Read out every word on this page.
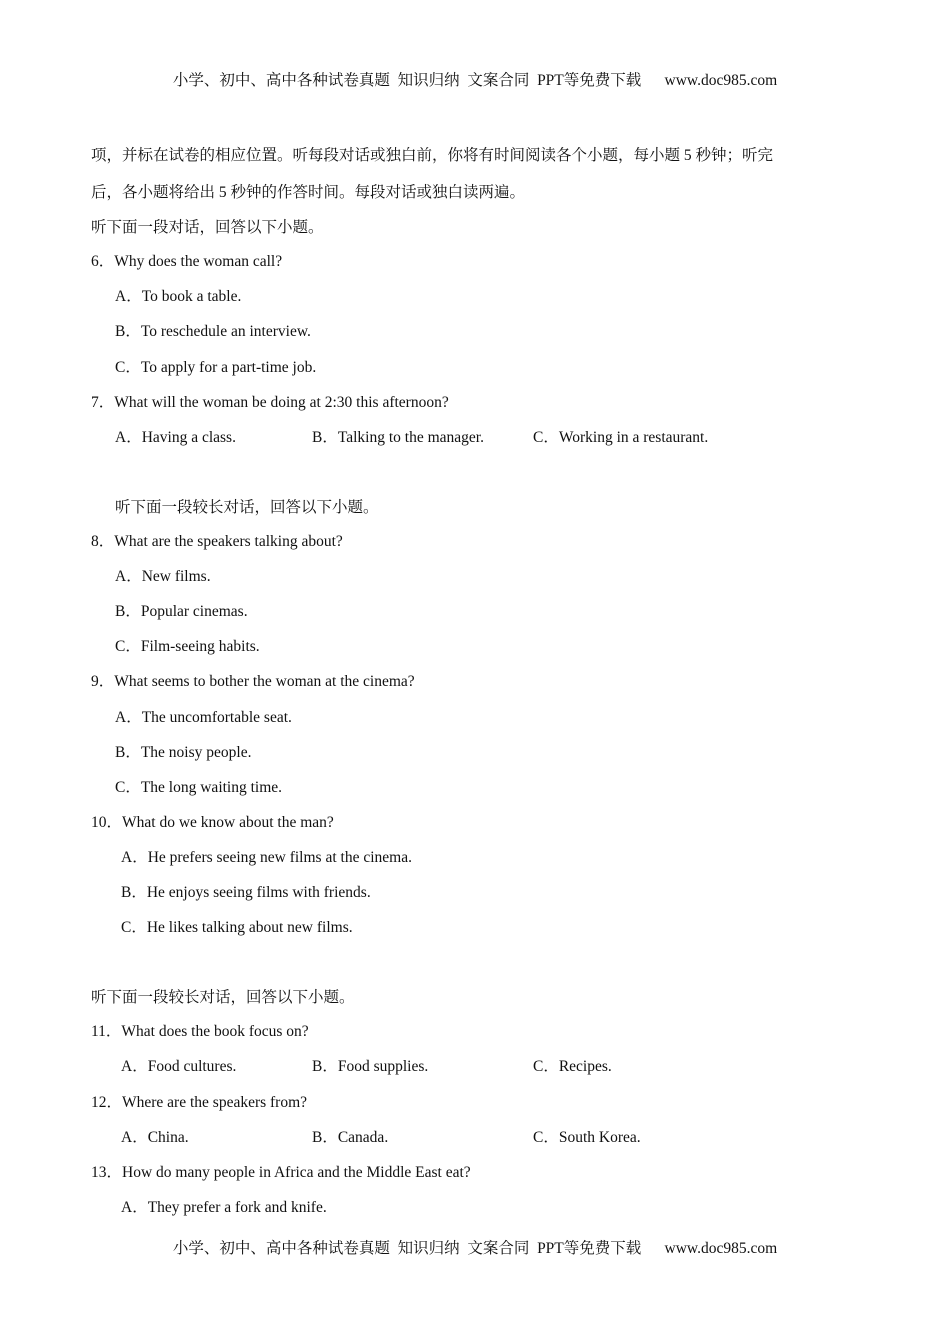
小学、初中、高中各种试卷真题  知识归纳  文案合同  PPT等免费下载      www.doc985.com
项，并标在试卷的相应位置。听每段对话或独白前，你将有时间阅读各个小题，每小题 5 秒钟；听完
后，各小题将给出 5 秒钟的作答时间。每段对话或独白读两遍。
听下面一段对话，回答以下小题。
6．Why does the woman call?
A．To book a table.
B．To reschedule an interview.
C．To apply for a part-time job.
7．What will the woman be doing at 2:30 this afternoon?
A．Having a class.	B．Talking to the manager.	C．Working in a restaurant.
听下面一段较长对话，回答以下小题。
8．What are the speakers talking about?
A．New films.
B．Popular cinemas.
C．Film-seeing habits.
9．What seems to bother the woman at the cinema?
A．The uncomfortable seat.
B．The noisy people.
C．The long waiting time.
10．What do we know about the man?
A．He prefers seeing new films at the cinema.
B．He enjoys seeing films with friends.
C．He likes talking about new films.
听下面一段较长对话，回答以下小题。
11．What does the book focus on?
A．Food cultures.	B．Food supplies.	C．Recipes.
12．Where are the speakers from?
A．China.	B．Canada.	C．South Korea.
13．How do many people in Africa and the Middle East eat?
A．They prefer a fork and knife.
小学、初中、高中各种试卷真题  知识归纳  文案合同  PPT等免费下载      www.doc985.com
